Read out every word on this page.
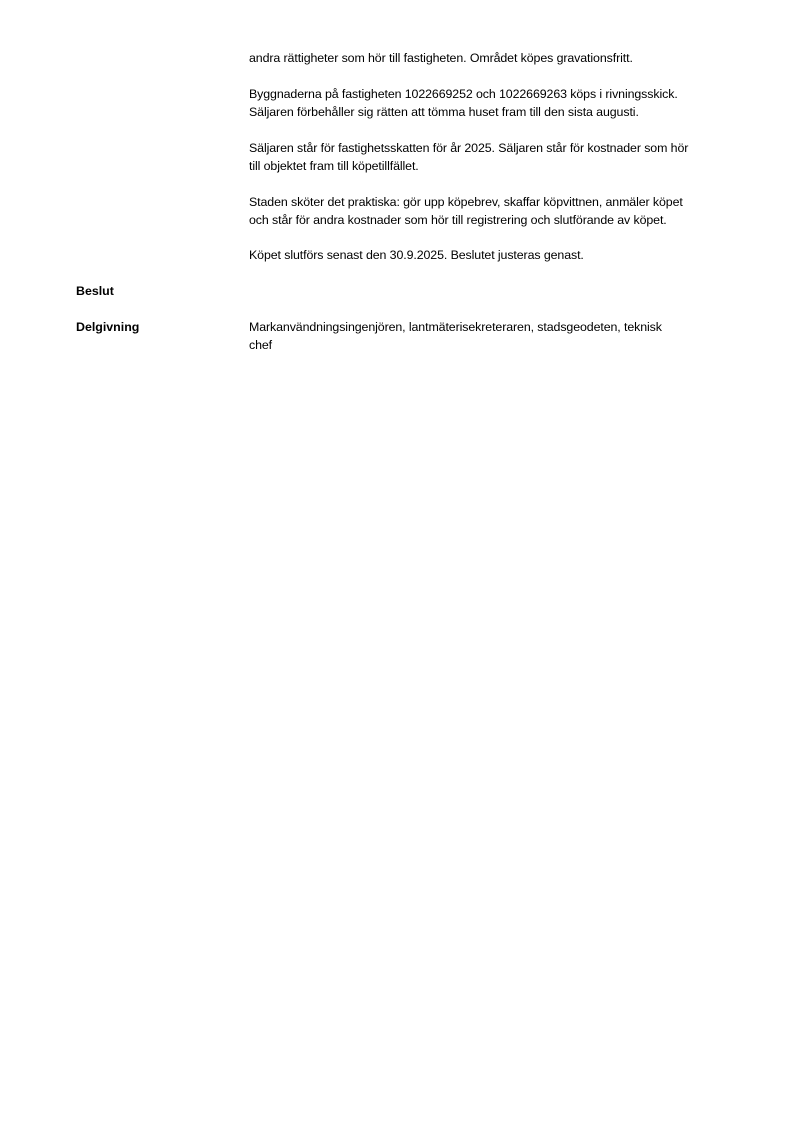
andra rättigheter som hör till fastigheten. Området köpes gravationsfritt.

Byggnaderna på fastigheten 1022669252 och 1022669263 köps i rivningsskick.
Säljaren förbehåller sig rätten att tömma huset fram till den sista augusti.

Säljaren står för fastighetsskatten för år 2025. Säljaren står för kostnader som hör
till objektet fram till köpetillfället.

Staden sköter det praktiska: gör upp köpebrev, skaffar köpvittnen, anmäler köpet
och står för andra kostnader som hör till registrering och slutförande av köpet.

Köpet slutförs senast den 30.9.2025. Beslutet justeras genast.

Markanvändningsingenjören, lantmäterisekreteraren, stadsgeodeten, teknisk
chef

Beslut
Delgivning
